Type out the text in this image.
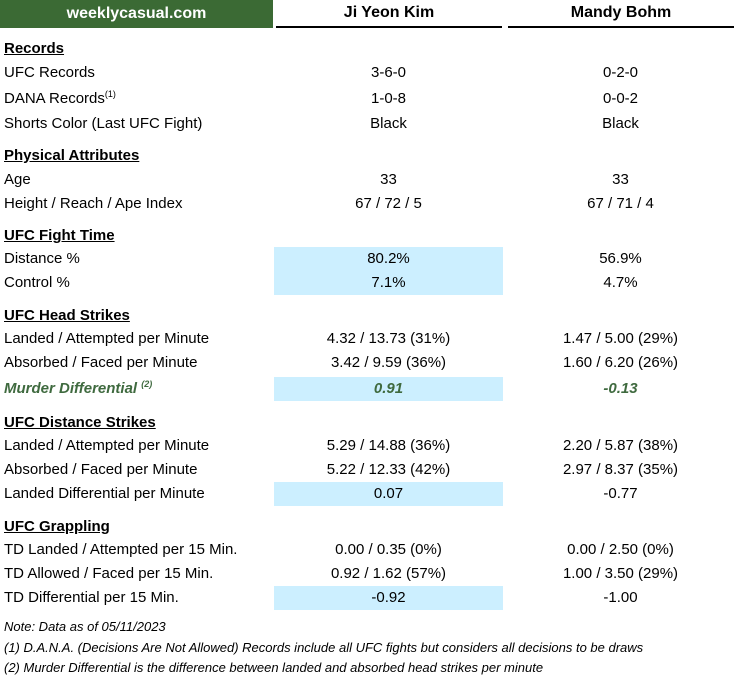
weeklycasual.com	Ji Yeon Kim	Mandy Bohm
Records
UFC Records	3-6-0	0-2-0
DANA Records$^{(1)}$	1-0-8	0-0-2
Shorts Color (Last UFC Fight)	Black	Black
Physical Attributes
Age	33	33
Height / Reach / Ape Index	67 / 72 / 5	67 / 71 / 4
UFC Fight Time
Distance %	80.2%	56.9%
Control %	7.1%	4.7%
UFC Head Strikes
Landed / Attempted per Minute	4.32 / 13.73 (31%)	1.47 / 5.00 (29%)
Absorbed / Faced per Minute	3.42 / 9.59 (36%)	1.60 / 6.20 (26%)
Murder Differential $^{(2)}$	0.91	-0.13
UFC Distance Strikes
Landed / Attempted per Minute	5.29 / 14.88 (36%)	2.20 / 5.87 (38%)
Absorbed / Faced per Minute	5.22 / 12.33 (42%)	2.97 / 8.37 (35%)
Landed Differential per Minute	0.07	-0.77
UFC Grappling
TD Landed / Attempted per 15 Min.	0.00 / 0.35 (0%)	0.00 / 2.50 (0%)
TD Allowed / Faced per 15 Min.	0.92 / 1.62 (57%)	1.00 / 3.50 (29%)
TD Differential per 15 Min.	-0.92	-1.00
Note: Data as of 05/11/2023
(1) D.A.N.A. (Decisions Are Not Allowed) Records include all UFC fights but considers all decisions to be draws
(2) Murder Differential is the difference between landed and absorbed head strikes per minute
